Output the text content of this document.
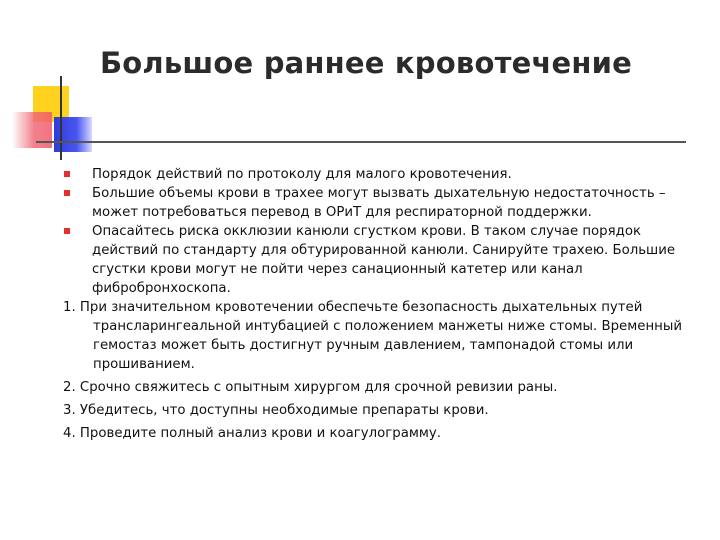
Большое раннее кровотечение
Порядок действий по протоколу для малого кровотечения.
Большие объемы крови в трахее могут вызвать дыхательную недостаточность – может потребоваться перевод в ОРиТ для респираторной поддержки.
Опасайтесь риска окклюзии канюли сгустком крови. В таком случае порядок действий по стандарту для обтурированной канюли. Санируйте трахею. Большие сгустки крови могут не пойти через санационный катетер или канал фибробронхоскопа.
1. При значительном кровотечении обеспечьте безопасность дыхательных путей трансларингеальной интубацией с положением манжеты ниже стомы. Временный гемостаз может быть достигнут ручным давлением, тампонадой стомы или прошиванием.
2. Срочно свяжитесь с опытным хирургом для срочной ревизии раны.
3. Убедитесь, что доступны необходимые препараты крови.
4. Проведите полный анализ крови и коагулограмму.
